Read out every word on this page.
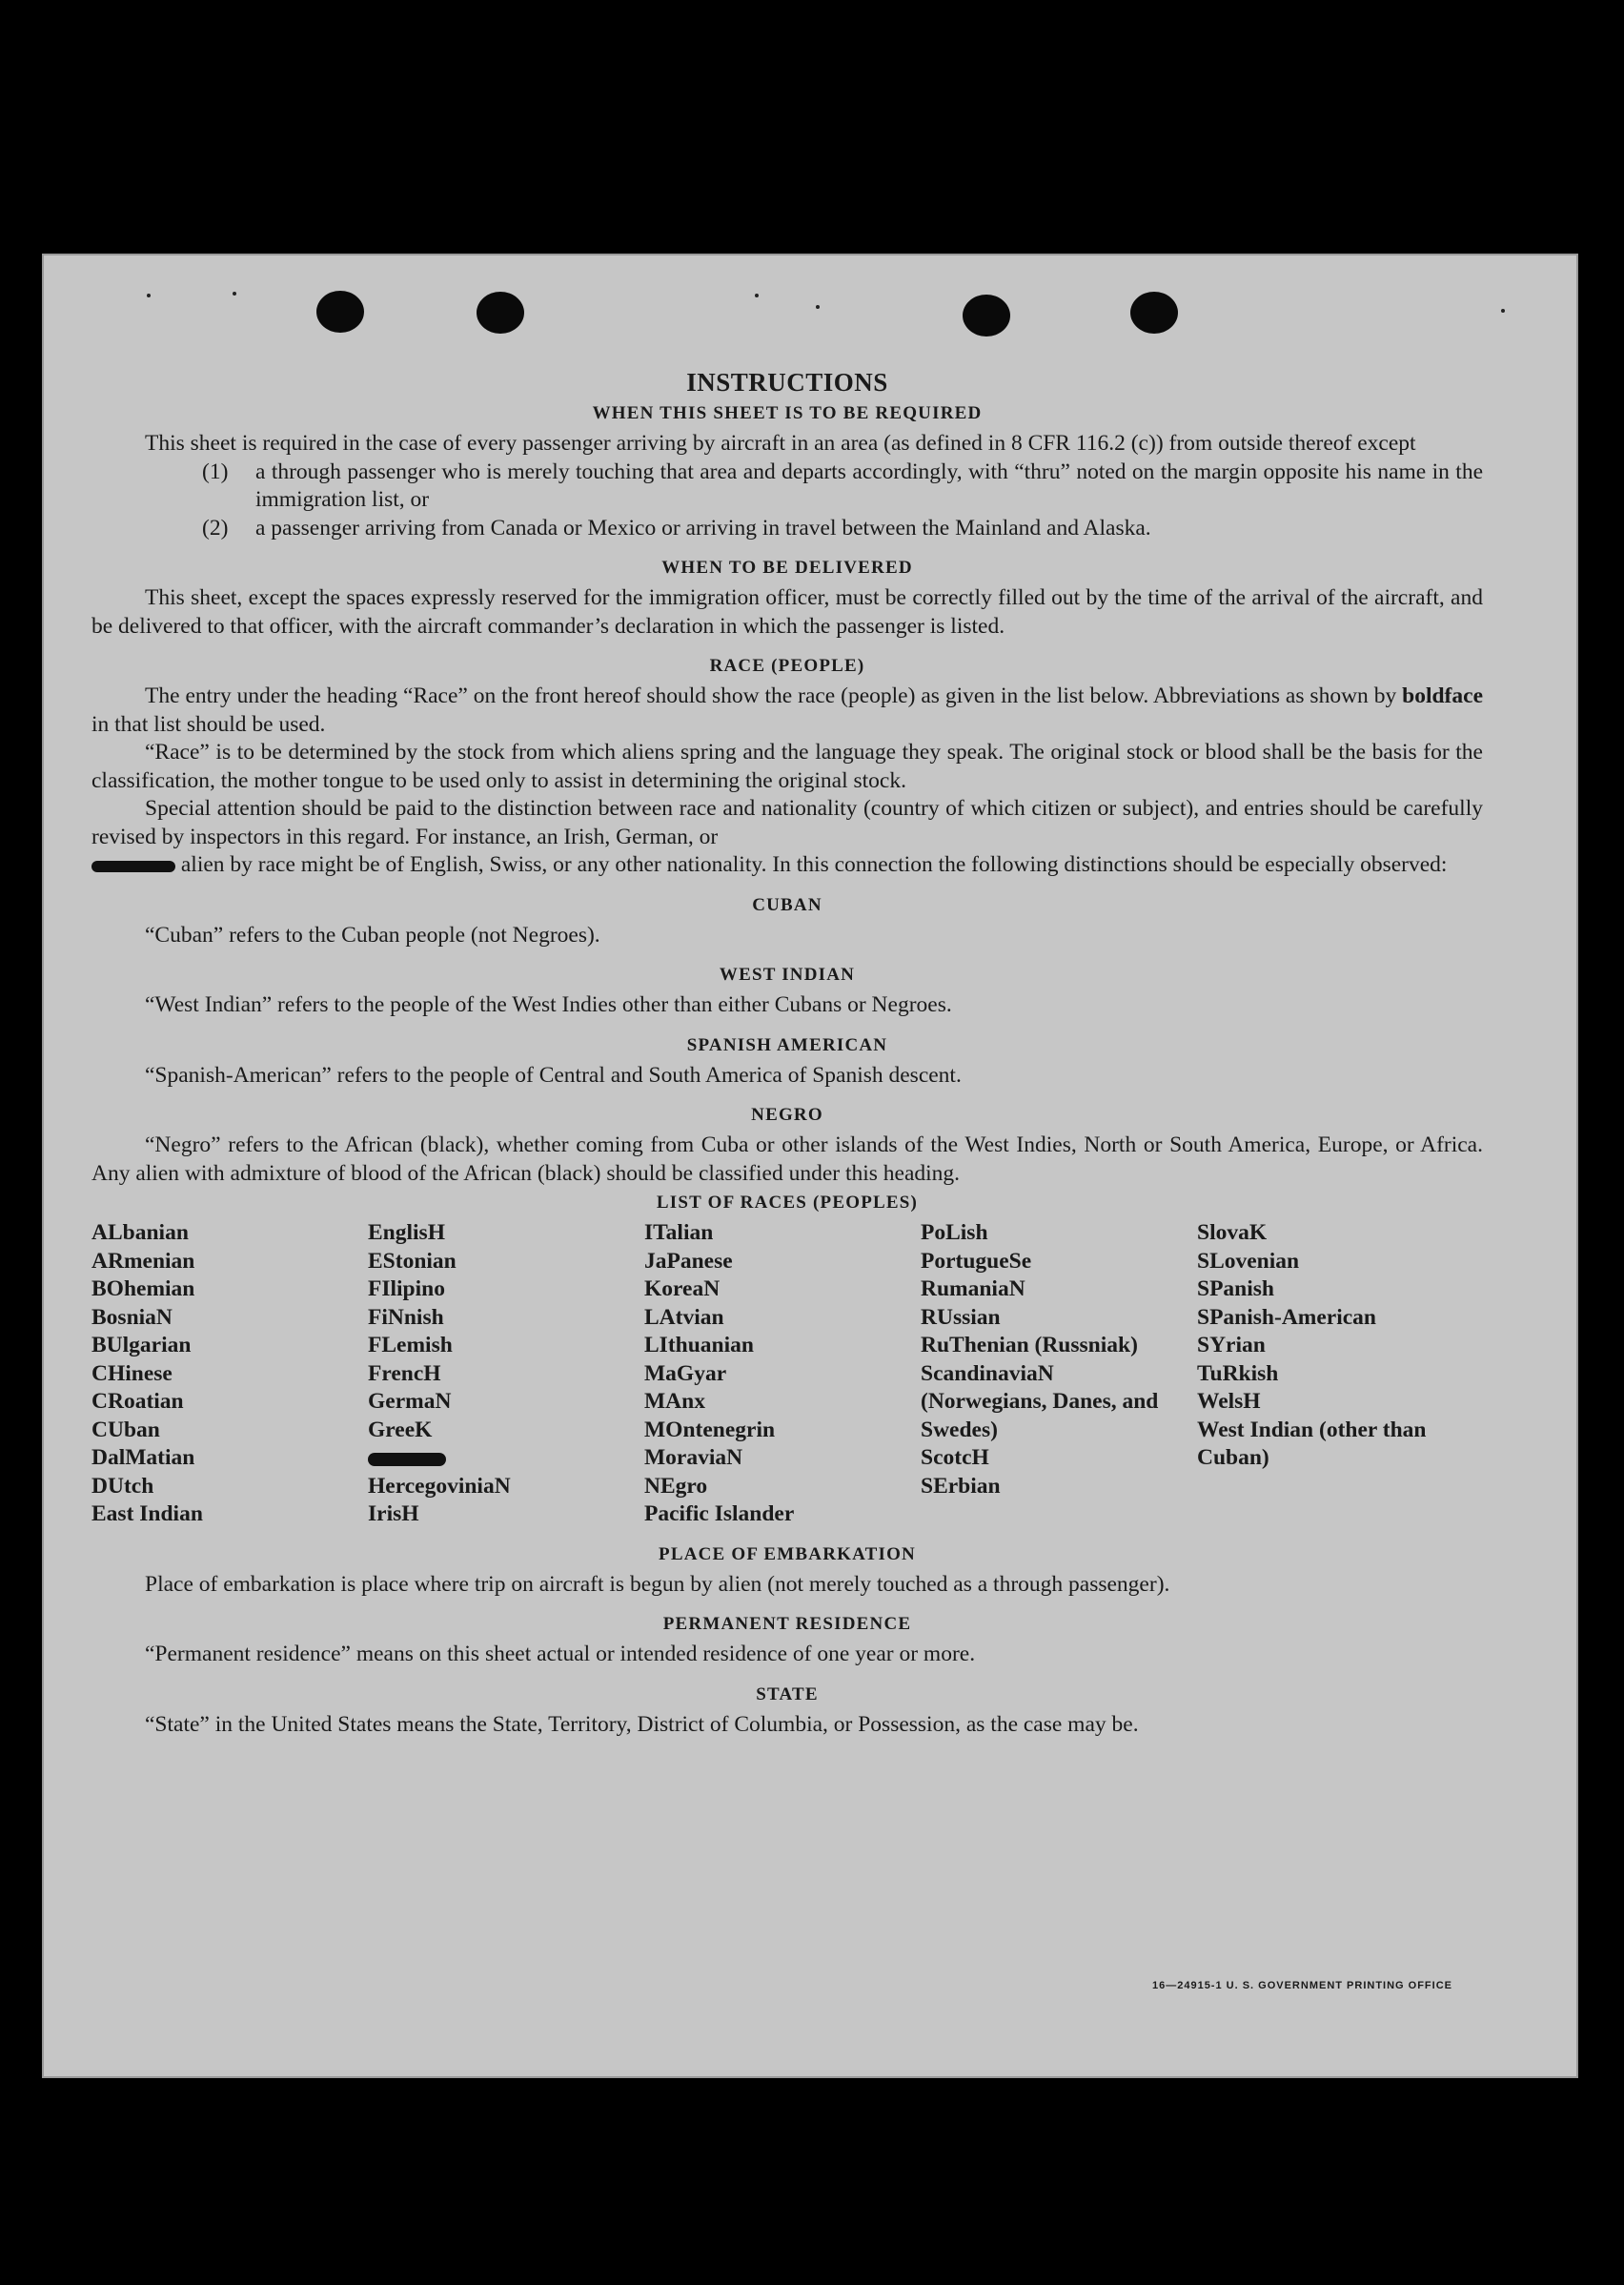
INSTRUCTIONS
WHEN THIS SHEET IS TO BE REQUIRED

This sheet is required in the case of every passenger arriving by aircraft in an area (as defined in 8 CFR 116.2 (c)) from outside thereof except

(1)	a through passenger who is merely touching that area and departs accordingly, with “thru” noted on the margin opposite his name in the immigration list, or
(2)	a passenger arriving from Canada or Mexico or arriving in travel between the Mainland and Alaska.
WHEN TO BE DELIVERED

This sheet, except the spaces expressly reserved for the immigration officer, must be correctly filled out by the time of the arrival of the aircraft, and be delivered to that officer, with the aircraft commander’s declaration in which the passenger is listed.

RACE (PEOPLE)

The entry under the heading “Race” on the front hereof should show the race (people) as given in the list below. Abbreviations as shown by boldface in that list should be used.

“Race” is to be determined by the stock from which aliens spring and the language they speak. The original stock or blood shall be the basis for the classification, the mother tongue to be used only to assist in determining the original stock.

Special attention should be paid to the distinction between race and nationality (country of which citizen or subject), and entries should be carefully revised by inspectors in this regard. For instance, an Irish, German, or
alien by race might be of English, Swiss, or any other nationality. In this connection the following distinctions should be especially observed:

CUBAN

“Cuban” refers to the Cuban people (not Negroes).

WEST INDIAN

“West Indian” refers to the people of the West Indies other than either Cubans or Negroes.

SPANISH AMERICAN

“Spanish-American” refers to the people of Central and South America of Spanish descent.

NEGRO

“Negro” refers to the African (black), whether coming from Cuba or other islands of the West Indies, North or South America, Europe, or Africa. Any alien with admixture of blood of the African (black) should be classified under this heading.

LIST OF RACES (PEOPLES)
ALbanian
ARmenian
BOhemian
BosniaN
BUlgarian
CHinese
CRoatian
CUban
DalMatian
DUtch
East Indian
EnglisH
EStonian
FIlipino
FiNnish
FLemish
FrencH
GermaN
GreeK
HercegoviniaN
IrisH
ITalian
JaPanese
KoreaN
LAtvian
LIthuanian
MaGyar
MAnx
MOntenegrin
MoraviaN
NEgro
Pacific Islander
PoLish
PortugueSe
RumaniaN
RUssian
RuThenian (Russniak)
ScandinaviaN (Norwegians, Danes, and Swedes)
ScotcH
SErbian
SlovaK
SLovenian
SPanish
SPanish-American
SYrian
TuRkish
WelsH
West Indian (other than Cuban)
PLACE OF EMBARKATION

Place of embarkation is place where trip on aircraft is begun by alien (not merely touched as a through passenger).

PERMANENT RESIDENCE

“Permanent residence” means on this sheet actual or intended residence of one year or more.

STATE

“State” in the United States means the State, Territory, District of Columbia, or Possession, as the case may be.

16—24915-1 U. S. GOVERNMENT PRINTING OFFICE
